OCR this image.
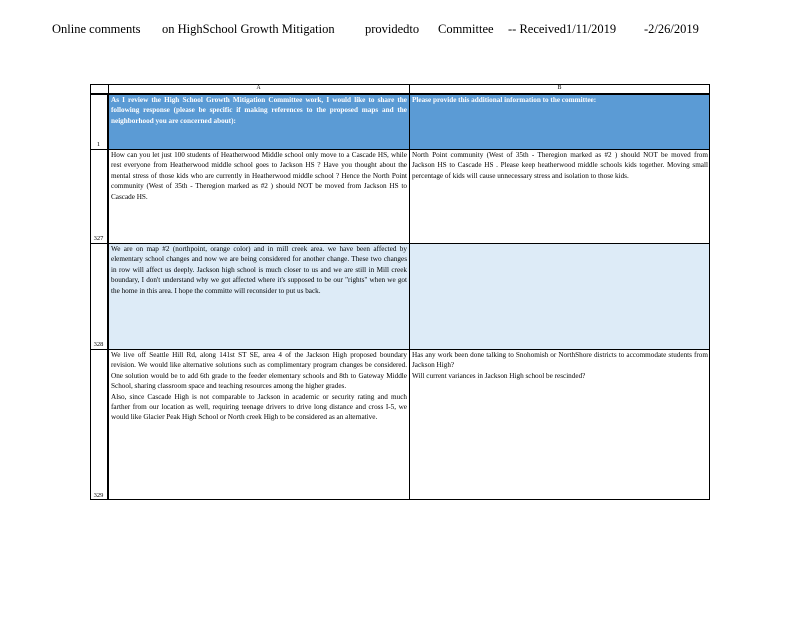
Online comments on HighSchool Growth Mitigation providedto Committee -- Received1/11/2019 -2/26/2019
A	B
1
As I review the High School Growth Mitigation Committee work, I would like to share the following response (please be specific if making references to the proposed maps and the neighborhood you are concerned about):
Please provide this additional information to the committee:
327
How can you let just 100 students of Heatherwood Middle school only move to a Cascade HS, while rest everyone from Heatherwood middle school goes to Jackson HS ? Have you thought about the mental stress of those kids who are currently in Heatherwood middle school ? Hence the North Point community (West of 35th - Theregion marked as #2 ) should NOT be moved from Jackson HS to Cascade HS.
North Point community (West of 35th - Theregion marked as #2 ) should NOT be moved from Jackson HS to Cascade HS . Please keep heatherwood middle schools kids together. Moving small percentage of kids will cause unnecessary stress and isolation to those kids.
328
We are on map #2 (northpoint, orange color) and in mill creek area. we have been affected by elementary school changes and now we are being considered for another change. These two changes in row will affect us deeply. Jackson high school is much closer to us and we are still in Mill creek boundary, I don't understand why we got affected where it's supposed to be our "rights" when we got the home in this area. I hope the committe will reconsider to put us back.
329
We live off Seattle Hill Rd, along 141st ST SE, area 4 of the Jackson High proposed boundary revision. We would like alternative solutions such as complimentary program changes be considered. One solution would be to add 6th grade to the feeder elementary schools and 8th to Gateway Middle School, sharing classroom space and teaching resources among the higher grades.
Also, since Cascade High is not comparable to Jackson in academic or security rating and much farther from our location as well, requiring teenage drivers to drive long distance and cross I-5, we would like Glacier Peak High School or North creek High to be considered as an alternative.
Has any work been done talking to Snohomish or NorthShore districts to accommodate students from Jackson High?
Will current variances in Jackson High school be rescinded?
